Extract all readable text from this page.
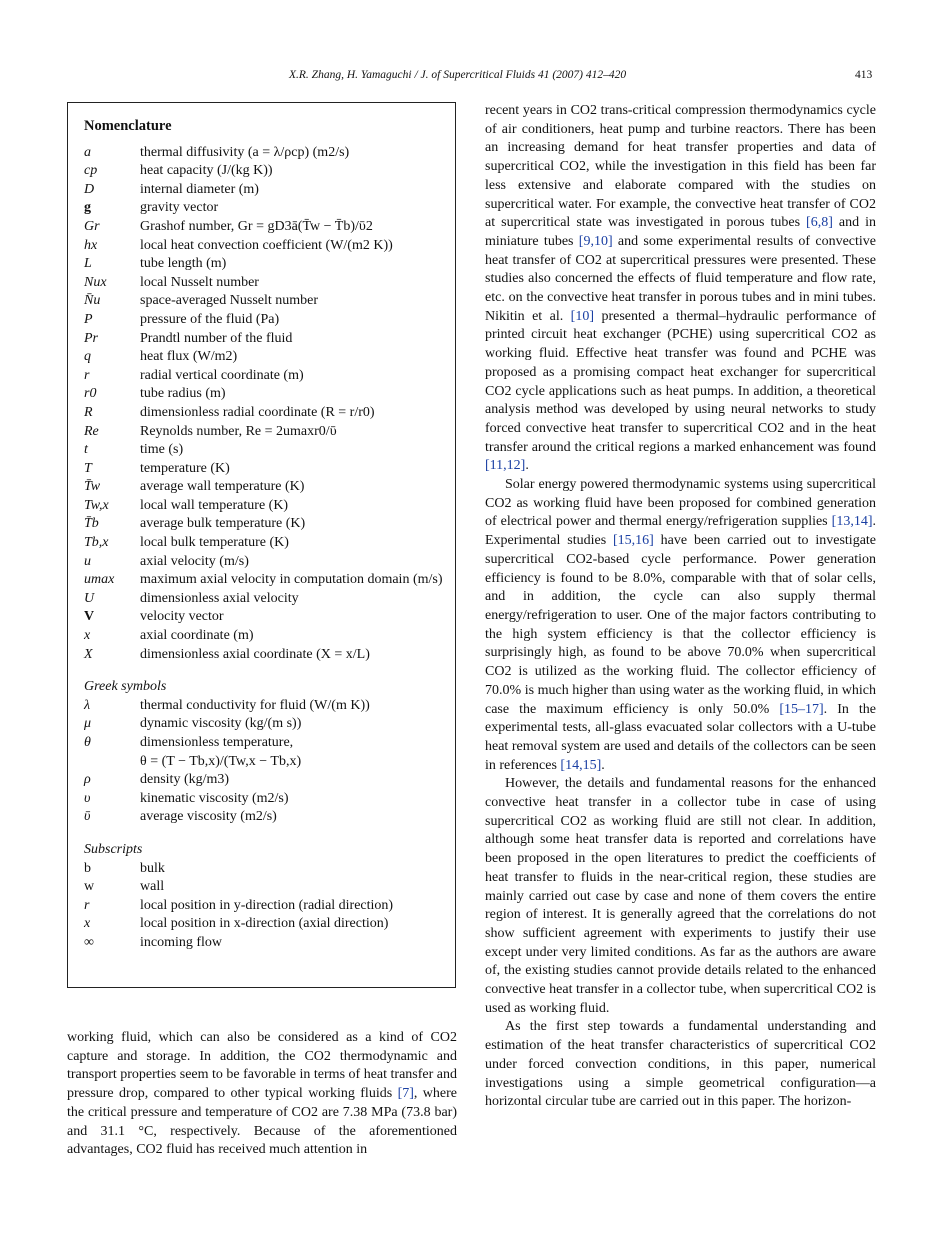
X.R. Zhang, H. Yamaguchi / J. of Supercritical Fluids 41 (2007) 412–420	413
Nomenclature
a	thermal diffusivity (a = λ/ρcp) (m2/s)
cp	heat capacity (J/(kg K))
D	internal diameter (m)
g	gravity vector
Gr	Grashof number, Gr = gD3ā(T̄w − T̄b)/ῡ2
hx	local heat convection coefficient (W/(m2 K))
L	tube length (m)
Nux	local Nusselt number
N̄u	space-averaged Nusselt number
P	pressure of the fluid (Pa)
Pr	Prandtl number of the fluid
q	heat flux (W/m2)
r	radial vertical coordinate (m)
r0	tube radius (m)
R	dimensionless radial coordinate (R = r/r0)
Re	Reynolds number, Re = 2umaxr0/ῡ
t	time (s)
T	temperature (K)
T̄w	average wall temperature (K)
Tw,x	local wall temperature (K)
T̄b	average bulk temperature (K)
Tb,x	local bulk temperature (K)
u	axial velocity (m/s)
umax	maximum axial velocity in computation domain (m/s)
U	dimensionless axial velocity
V	velocity vector
x	axial coordinate (m)
X	dimensionless axial coordinate (X = x/L)
Greek symbols
λ	thermal conductivity for fluid (W/(m K))
μ	dynamic viscosity (kg/(m s))
θ	dimensionless temperature,
θ = (T − Tb,x)/(Tw,x − Tb,x)
ρ	density (kg/m3)
υ	kinematic viscosity (m2/s)
ῡ	average viscosity (m2/s)
Subscripts
b	bulk
w	wall
r	local position in y-direction (radial direction)
x	local position in x-direction (axial direction)
∞	incoming flow

working fluid, which can also be considered as a kind of CO2 capture and storage. In addition, the CO2 thermodynamic and transport properties seem to be favorable in terms of heat transfer and pressure drop, compared to other typical working fluids [7], where the critical pressure and temperature of CO2 are 7.38 MPa (73.8 bar) and 31.1 °C, respectively. Because of the aforementioned advantages, CO2 fluid has received much attention in

recent years in CO2 trans-critical compression thermodynamics cycle of air conditioners, heat pump and turbine reactors. There has been an increasing demand for heat transfer properties and data of supercritical CO2, while the investigation in this field has been far less extensive and elaborate compared with the studies on supercritical water. For example, the convective heat transfer of CO2 at supercritical state was investigated in porous tubes [6,8] and in miniature tubes [9,10] and some experimental results of convective heat transfer of CO2 at supercritical pressures were presented. These studies also concerned the effects of fluid temperature and flow rate, etc. on the convective heat transfer in porous tubes and in mini tubes. Nikitin et al. [10] presented a thermal–hydraulic performance of printed circuit heat exchanger (PCHE) using supercritical CO2 as working fluid. Effective heat transfer was found and PCHE was proposed as a promising compact heat exchanger for supercritical CO2 cycle applications such as heat pumps. In addition, a theoretical analysis method was developed by using neural networks to study forced convective heat transfer to supercritical CO2 and in the heat transfer around the critical regions a marked enhancement was found [11,12].

Solar energy powered thermodynamic systems using supercritical CO2 as working fluid have been proposed for combined generation of electrical power and thermal energy/refrigeration supplies [13,14]. Experimental studies [15,16] have been carried out to investigate supercritical CO2-based cycle performance. Power generation efficiency is found to be 8.0%, comparable with that of solar cells, and in addition, the cycle can also supply thermal energy/refrigeration to user. One of the major factors contributing to the high system efficiency is that the collector efficiency is surprisingly high, as found to be above 70.0% when supercritical CO2 is utilized as the working fluid. The collector efficiency of 70.0% is much higher than using water as the working fluid, in which case the maximum efficiency is only 50.0% [15–17]. In the experimental tests, all-glass evacuated solar collectors with a U-tube heat removal system are used and details of the collectors can be seen in references [14,15].

However, the details and fundamental reasons for the enhanced convective heat transfer in a collector tube in case of using supercritical CO2 as working fluid are still not clear. In addition, although some heat transfer data is reported and correlations have been proposed in the open literatures to predict the coefficients of heat transfer to fluids in the near-critical region, these studies are mainly carried out case by case and none of them covers the entire region of interest. It is generally agreed that the correlations do not show sufficient agreement with experiments to justify their use except under very limited conditions. As far as the authors are aware of, the existing studies cannot provide details related to the enhanced convective heat transfer in a collector tube, when supercritical CO2 is used as working fluid.

As the first step towards a fundamental understanding and estimation of the heat transfer characteristics of supercritical CO2 under forced convection conditions, in this paper, numerical investigations using a simple geometrical configuration—a horizontal circular tube are carried out in this paper. The horizon-
